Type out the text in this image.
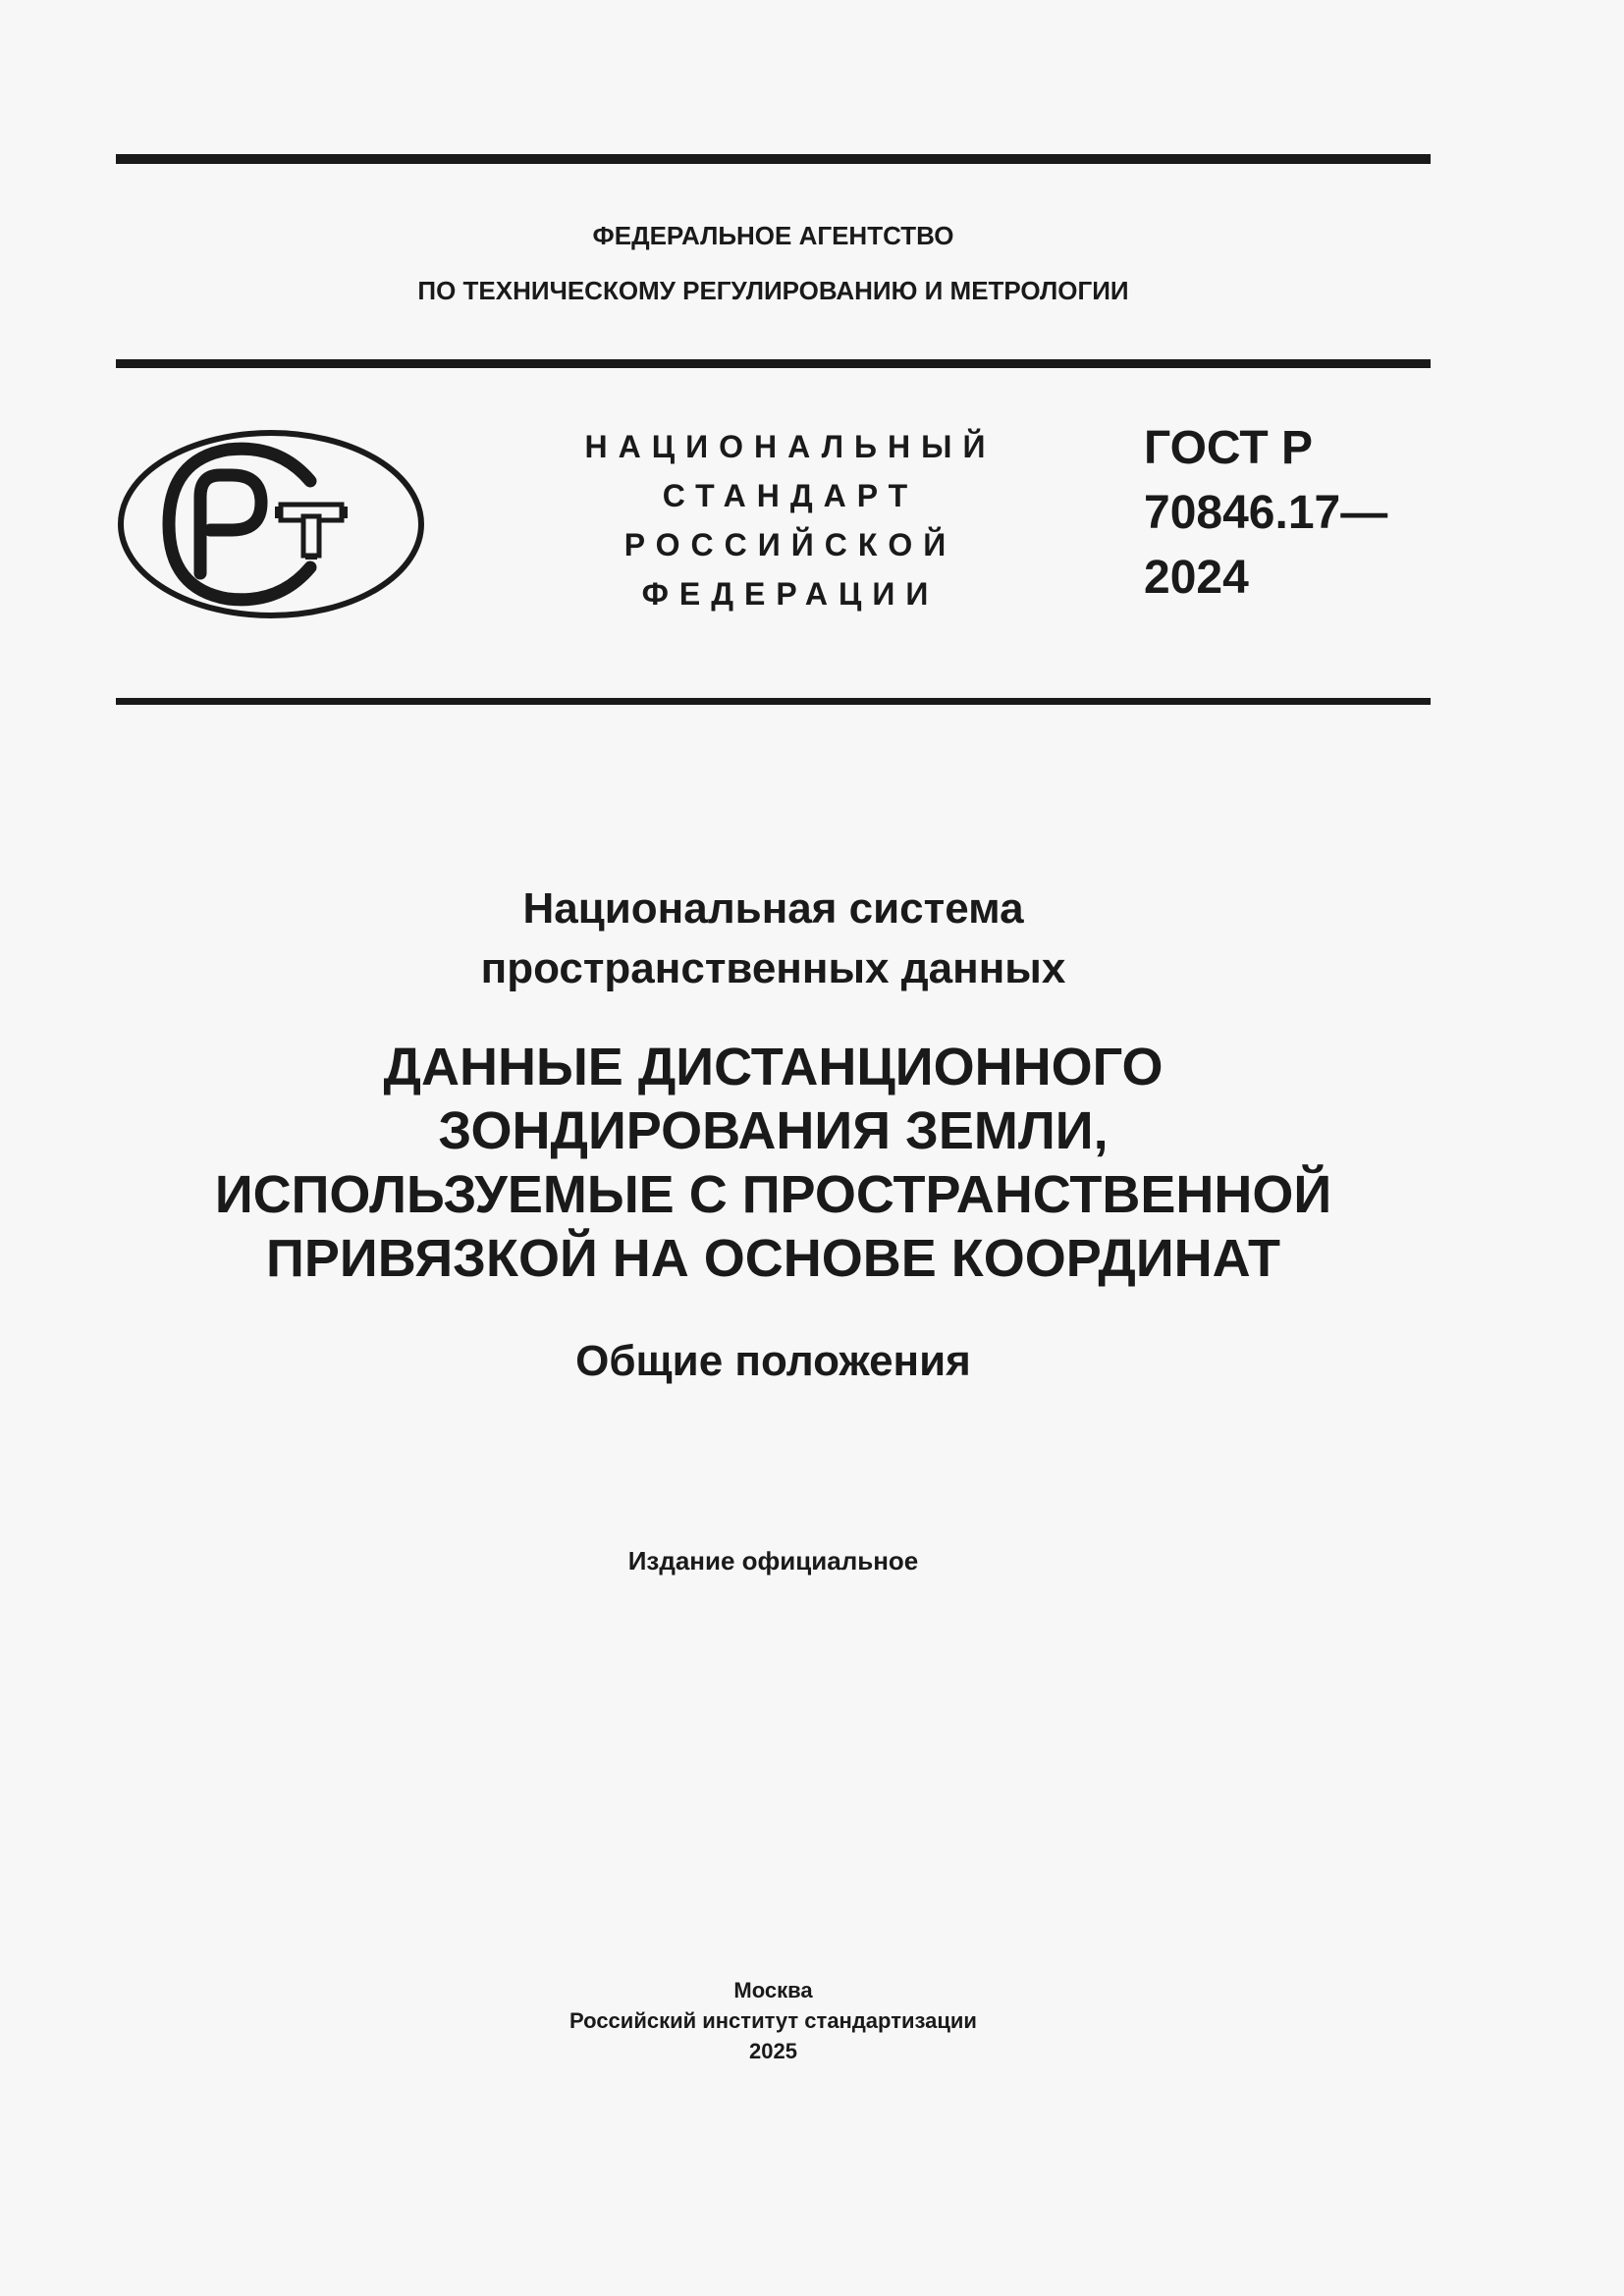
ФЕДЕРАЛЬНОЕ АГЕНТСТВО
ПО ТЕХНИЧЕСКОМУ РЕГУЛИРОВАНИЮ И МЕТРОЛОГИИ
НАЦИОНАЛЬНЫЙ
СТАНДАРТ
РОССИЙСКОЙ
ФЕДЕРАЦИИ
ГОСТ Р
70846.17—
2024
Национальная система
пространственных данных
ДАННЫЕ ДИСТАНЦИОННОГО
ЗОНДИРОВАНИЯ ЗЕМЛИ,
ИСПОЛЬЗУЕМЫЕ С ПРОСТРАНСТВЕННОЙ
ПРИВЯЗКОЙ НА ОСНОВЕ КООРДИНАТ
Общие положения
Издание официальное
Москва
Российский институт стандартизации
2025
